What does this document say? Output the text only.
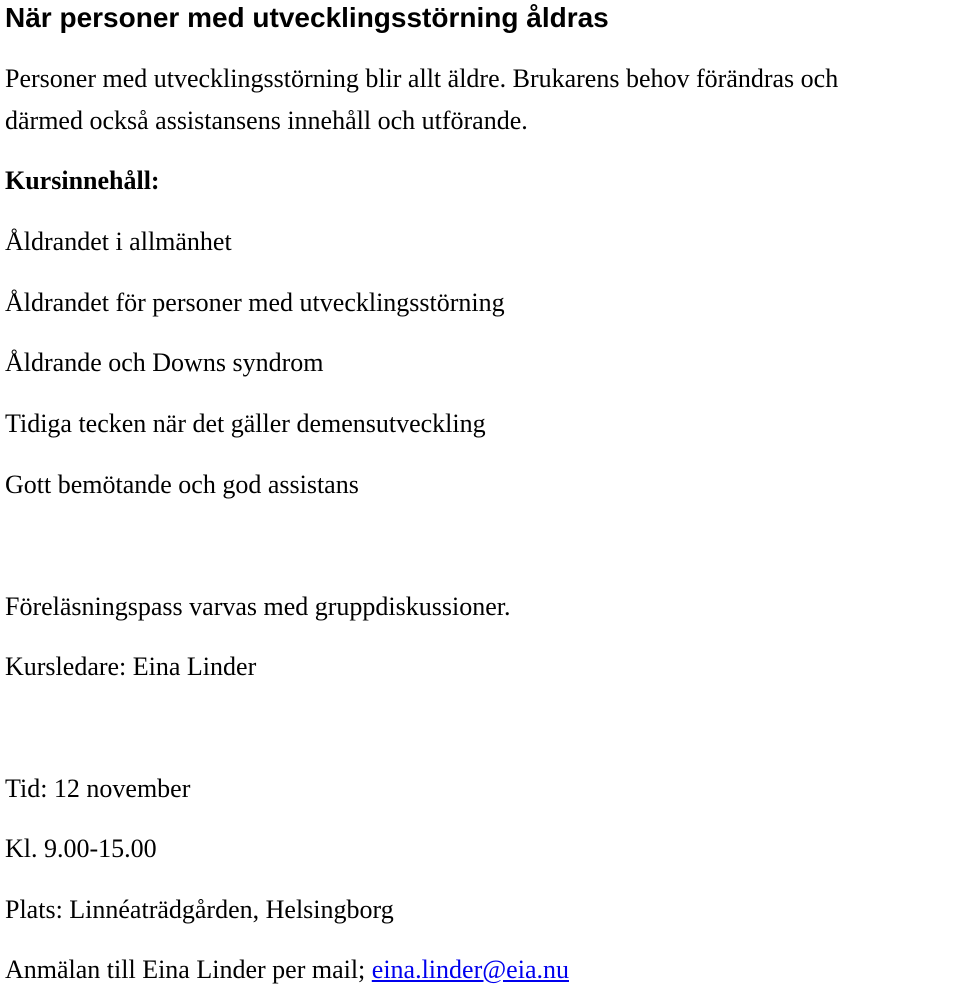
När personer med utvecklingsstörning åldras

Personer med utvecklingsstörning blir allt äldre. Brukarens behov förändras och

därmed också assistansens innehåll och utförande.

Kursinnehåll:

Åldrandet i allmänhet

Åldrandet för personer med utvecklingsstörning

Åldrande och Downs syndrom

Tidiga tecken när det gäller demensutveckling

Gott bemötande och god assistans

Föreläsningspass varvas med gruppdiskussioner.

Kursledare: Eina Linder

Tid: 12 november

Kl. 9.00-15.00

Plats: Linnéaträdgården, Helsingborg

Anmälan till Eina Linder per mail; eina.linder@eia.nu
